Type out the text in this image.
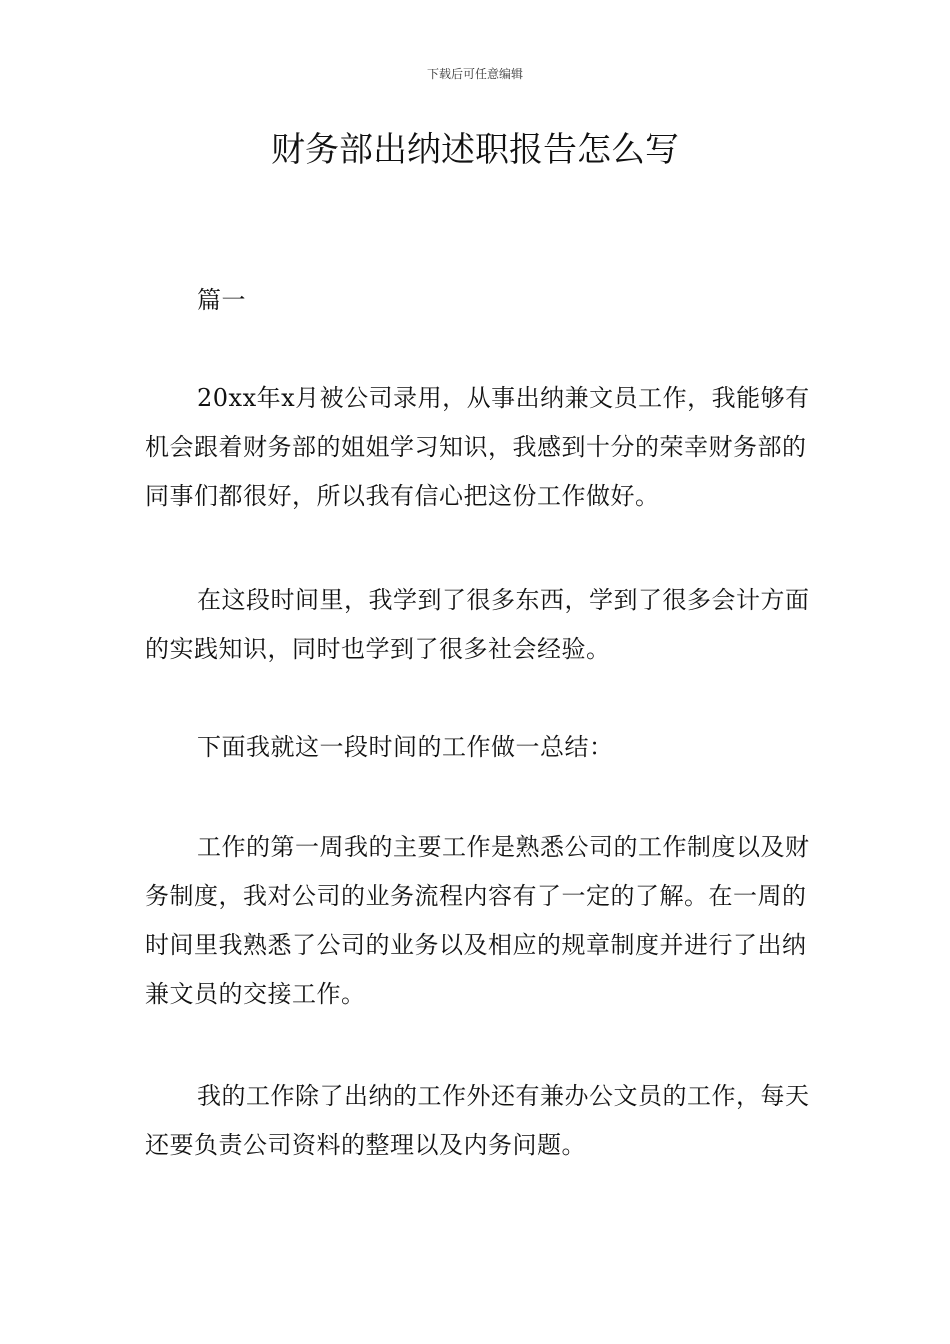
下载后可任意编辑
财务部出纳述职报告怎么写

篇一

20xx年x月被公司录用，从事出纳兼文员工作，我能够有机会跟着财务部的姐姐学习知识，我感到十分的荣幸财务部的同事们都很好，所以我有信心把这份工作做好。

在这段时间里，我学到了很多东西，学到了很多会计方面的实践知识，同时也学到了很多社会经验。

下面我就这一段时间的工作做一总结：

工作的第一周我的主要工作是熟悉公司的工作制度以及财务制度，我对公司的业务流程内容有了一定的了解。在一周的时间里我熟悉了公司的业务以及相应的规章制度并进行了出纳兼文员的交接工作。

我的工作除了出纳的工作外还有兼办公文员的工作，每天还要负责公司资料的整理以及内务问题。
